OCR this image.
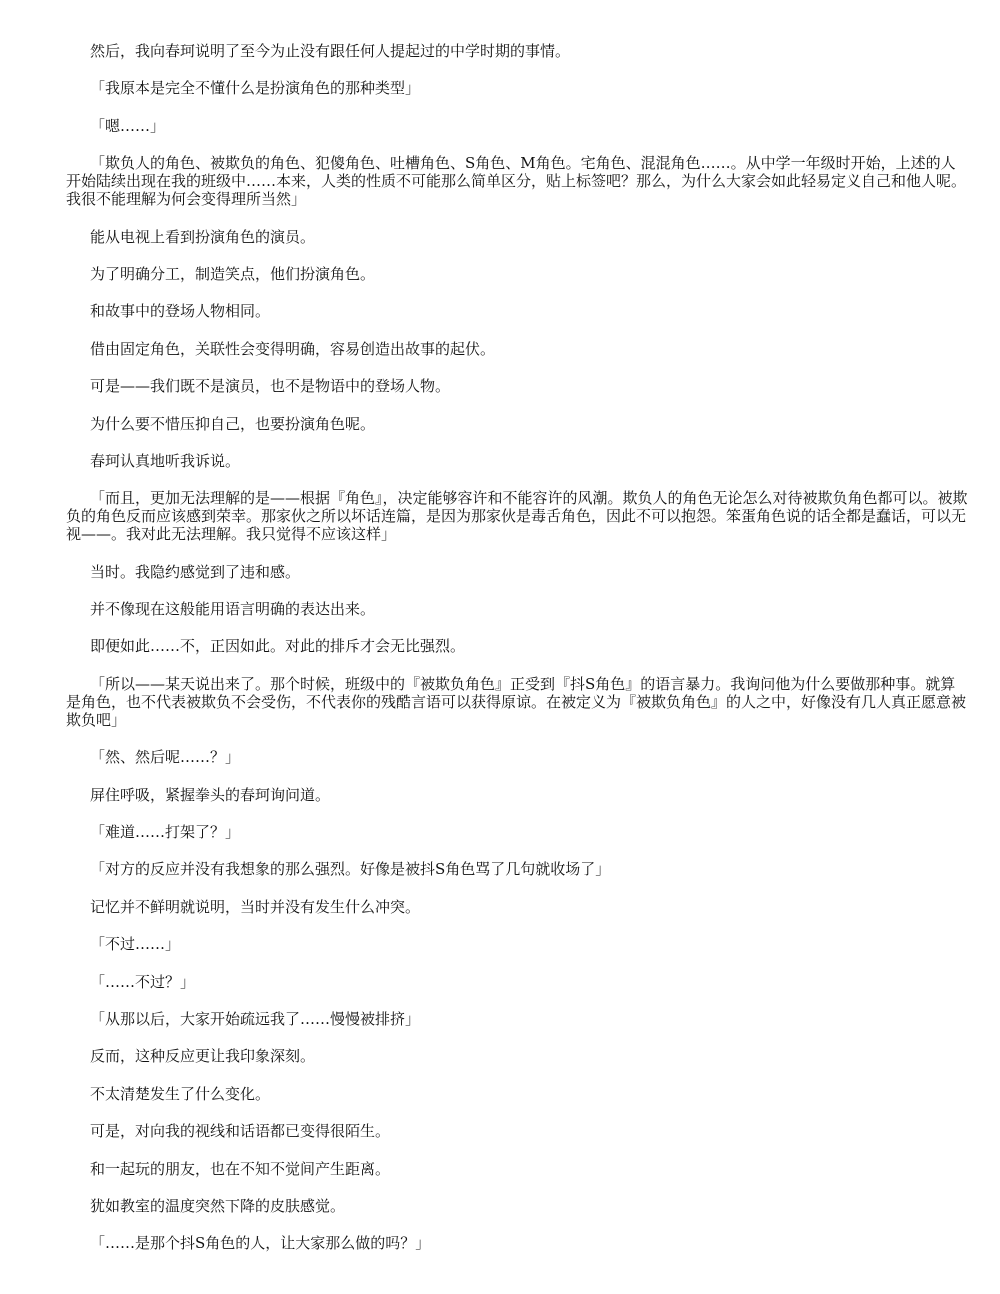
然后，我向春珂说明了至今为止没有跟任何人提起过的中学时期的事情。

「我原本是完全不懂什么是扮演角色的那种类型」

「嗯……」

「欺负人的角色、被欺负的角色、犯傻角色、吐槽角色、S角色、M角色。宅角色、混混角色……。从中学一年级时开始，上述的人开始陆续出现在我的班级中……本来，人类的性质不可能那么简单区分，贴上标签吧？那么，为什么大家会如此轻易定义自己和他人呢。我很不能理解为何会变得理所当然」

能从电视上看到扮演角色的演员。

为了明确分工，制造笑点，他们扮演角色。

和故事中的登场人物相同。

借由固定角色，关联性会变得明确，容易创造出故事的起伏。

可是——我们既不是演员，也不是物语中的登场人物。

为什么要不惜压抑自己，也要扮演角色呢。

春珂认真地听我诉说。

「而且，更加无法理解的是——根据『角色』，决定能够容许和不能容许的风潮。欺负人的角色无论怎么对待被欺负角色都可以。被欺负的角色反而应该感到荣幸。那家伙之所以坏话连篇，是因为那家伙是毒舌角色，因此不可以抱怨。笨蛋角色说的话全都是蠢话，可以无视——。我对此无法理解。我只觉得不应该这样」

当时。我隐约感觉到了违和感。

并不像现在这般能用语言明确的表达出来。

即便如此……不，正因如此。对此的排斥才会无比强烈。

「所以——某天说出来了。那个时候，班级中的『被欺负角色』正受到『抖S角色』的语言暴力。我询问他为什么要做那种事。就算是角色，也不代表被欺负不会受伤，不代表你的残酷言语可以获得原谅。在被定义为『被欺负角色』的人之中，好像没有几人真正愿意被欺负吧」

「然、然后呢……？」

屏住呼吸，紧握拳头的春珂询问道。

「难道……打架了？」

「对方的反应并没有我想象的那么强烈。好像是被抖S角色骂了几句就收场了」

记忆并不鲜明就说明，当时并没有发生什么冲突。

「不过……」

「……不过？」

「从那以后，大家开始疏远我了……慢慢被排挤」

反而，这种反应更让我印象深刻。

不太清楚发生了什么变化。

可是，对向我的视线和话语都已变得很陌生。

和一起玩的朋友，也在不知不觉间产生距离。

犹如教室的温度突然下降的皮肤感觉。

「……是那个抖S角色的人，让大家那么做的吗？」
